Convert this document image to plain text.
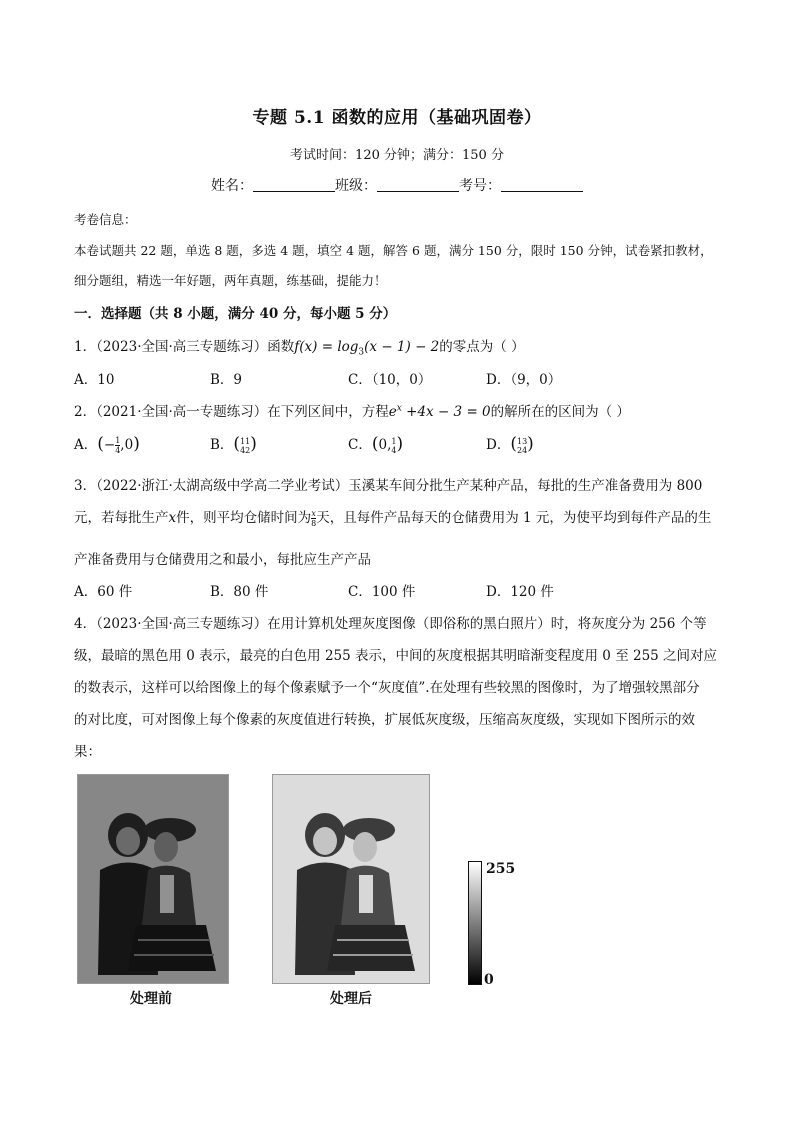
专题 5.1 函数的应用（基础巩固卷）
考试时间：120 分钟；满分：150 分
姓名：	班级：	考号：
考卷信息：
本卷试题共 22 题，单选 8 题，多选 4 题，填空 4 题，解答 6 题，满分 150 分，限时 150 分钟，试卷紧扣教材，
细分题组，精选一年好题，两年真题，练基础，提能力！
一．选择题（共 8 小题，满分 40 分，每小题 5 分）
1．（2023·全国·高三专题练习）函数$f(x) = \log_3(x - 1) - 2$的零点为（ ）
A．10	B．9	C．（10，0）	D．（9，0）
2．（2021·全国·高一专题练习）在下列区间中，方程$e^x +4x - 3 = 0$的解所在的区间为（ ）
A．(− $\frac{1}{4} ,0$)	B．( 1
4
1
2 )	C．(0, 1
4 )	D．( 1
2
3
4 )
3．（2022·浙江·太湖高级中学高二学业考试）玉溪某车间分批生产某种产品，每批的生产准备费用为 800
元，若每批生产x件，则平均仓储时间为 $\frac{x}{8}$ 天，且每件产品每天的仓储费用为 1 元，为使平均到每件产品的生
产准备费用与仓储费用之和最小，每批应生产产品
A．60 件	B．80 件	C．100 件	D．120 件
4．（2023·全国·高三专题练习）在用计算机处理灰度图像（即俗称的黑白照片）时，将灰度分为 256 个等
级，最暗的黑色用 0 表示，最亮的白色用 255 表示，中间的灰度根据其明暗渐变程度用 0 至 255 之间对应
的数表示，这样可以给图像上的每个像素赋予一个“灰度值”.在处理有些较黑的图像时，为了增强较黑部分
的对比度，可对图像上每个像素的灰度值进行转换，扩展低灰度级，压缩高灰度级，实现如下图所示的效
果：
处理前	处理后
255
0
